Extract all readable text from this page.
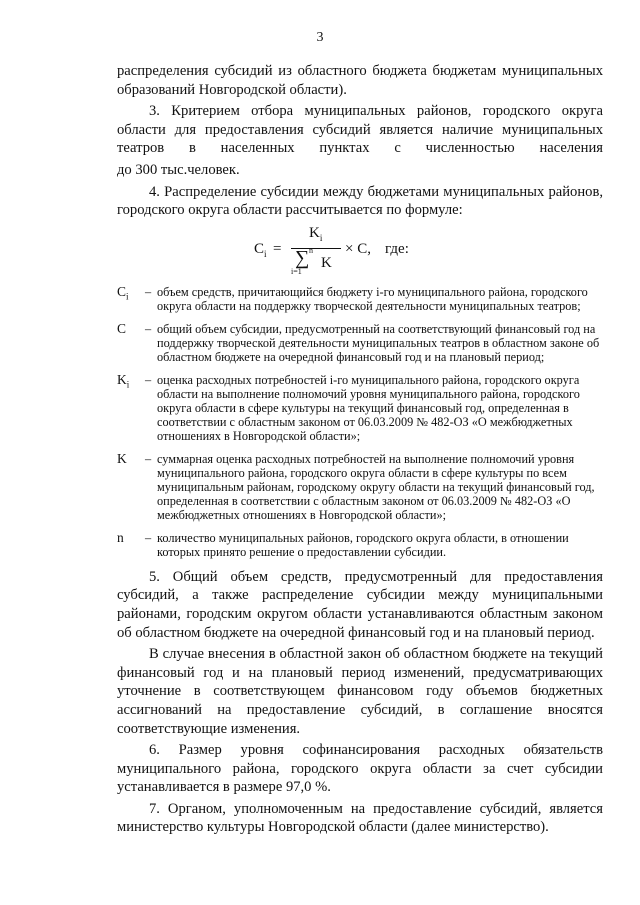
3

распределения субсидий из областного бюджета бюджетам муниципальных образований Новгородской области).

3. Критерием отбора муниципальных районов, городского округа области для предоставления субсидий является наличие муниципальных театров в населенных пунктах с численностью населения

до 300 тыс.человек.

4. Распределение субсидии между бюджетами муниципальных районов, городского округа области рассчитывается по формуле:

$C_i$ =
$K_i$
∑ n
i=1
K
× C, где:
$C_i$	– объем средств, причитающийся бюджету i-го муниципального района, городского округа области на поддержку творческой деятельности муниципальных театров;
C	– общий объем субсидии, предусмотренный на соответствующий финансовый год на поддержку творческой деятельности муниципальных театров в областном законе об областном бюджете на очередной финансовый год и на плановый период;
$K_i$	– оценка расходных потребностей i-го муниципального района, городского округа области на выполнение полномочий уровня муниципального района, городского округа области в сфере культуры на текущий финансовый год, определенная в соответствии с областным законом от 06.03.2009 № 482-ОЗ «О межбюджетных отношениях в Новгородской области»;
K	– суммарная оценка расходных потребностей на выполнение полномочий уровня муниципального района, городского округа области в сфере культуры по всем муниципальным районам, городскому округу области на текущий финансовый год, определенная в соответствии с областным законом от 06.03.2009 № 482-ОЗ «О межбюджетных отношениях в Новгородской области»;
n	– количество муниципальных районов, городского округа области, в отношении которых принято решение о предоставлении субсидии.

5. Общий объем средств, предусмотренный для предоставления субсидий, а также распределение субсидии между муниципальными районами, городским округом области устанавливаются областным законом об областном бюджете на очередной финансовый год и на плановый период.

В случае внесения в областной закон об областном бюджете на текущий финансовый год и на плановый период изменений, предусматривающих уточнение в соответствующем финансовом году объемов бюджетных ассигнований на предоставление субсидий, в соглашение вносятся соответствующие изменения.

6. Размер уровня софинансирования расходных обязательств муниципального района, городского округа области за счет субсидии устанавливается в размере 97,0 %.

7. Органом, уполномоченным на предоставление субсидий, является министерство культуры Новгородской области (далее министерство).
